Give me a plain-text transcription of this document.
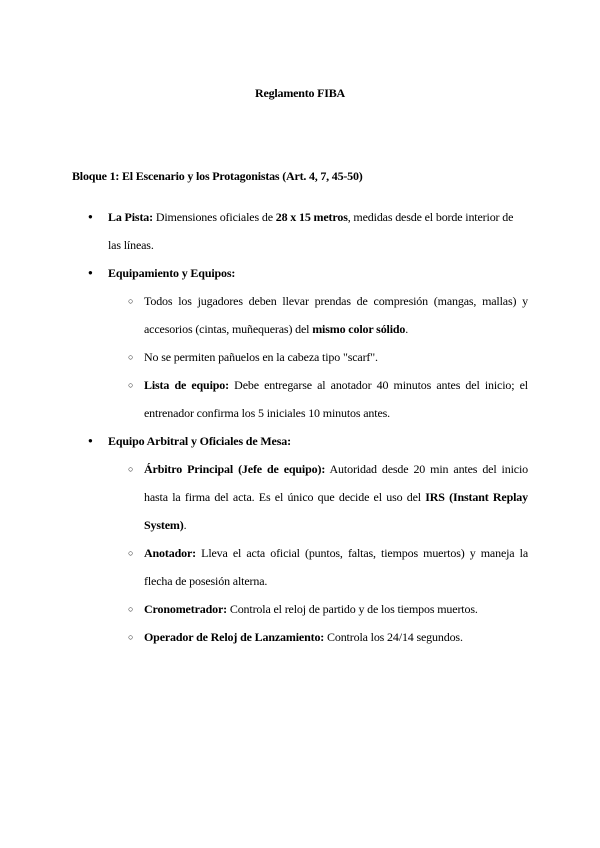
Reglamento FIBA
Bloque 1: El Escenario y los Protagonistas (Art. 4, 7, 45-50)
● La Pista: Dimensiones oficiales de 28 x 15 metros, medidas desde el borde interior de las líneas.
● Equipamiento y Equipos:
○ Todos los jugadores deben llevar prendas de compresión (mangas, mallas) y accesorios (cintas, muñequeras) del mismo color sólido.
○ No se permiten pañuelos en la cabeza tipo "scarf".
○ Lista de equipo: Debe entregarse al anotador 40 minutos antes del inicio; el entrenador confirma los 5 iniciales 10 minutos antes.
● Equipo Arbitral y Oficiales de Mesa:
○ Árbitro Principal (Jefe de equipo): Autoridad desde 20 min antes del inicio hasta la firma del acta. Es el único que decide el uso del IRS (Instant Replay System).
○ Anotador: Lleva el acta oficial (puntos, faltas, tiempos muertos) y maneja la flecha de posesión alterna.
○ Cronometrador: Controla el reloj de partido y de los tiempos muertos.
○ Operador de Reloj de Lanzamiento: Controla los 24/14 segundos.
